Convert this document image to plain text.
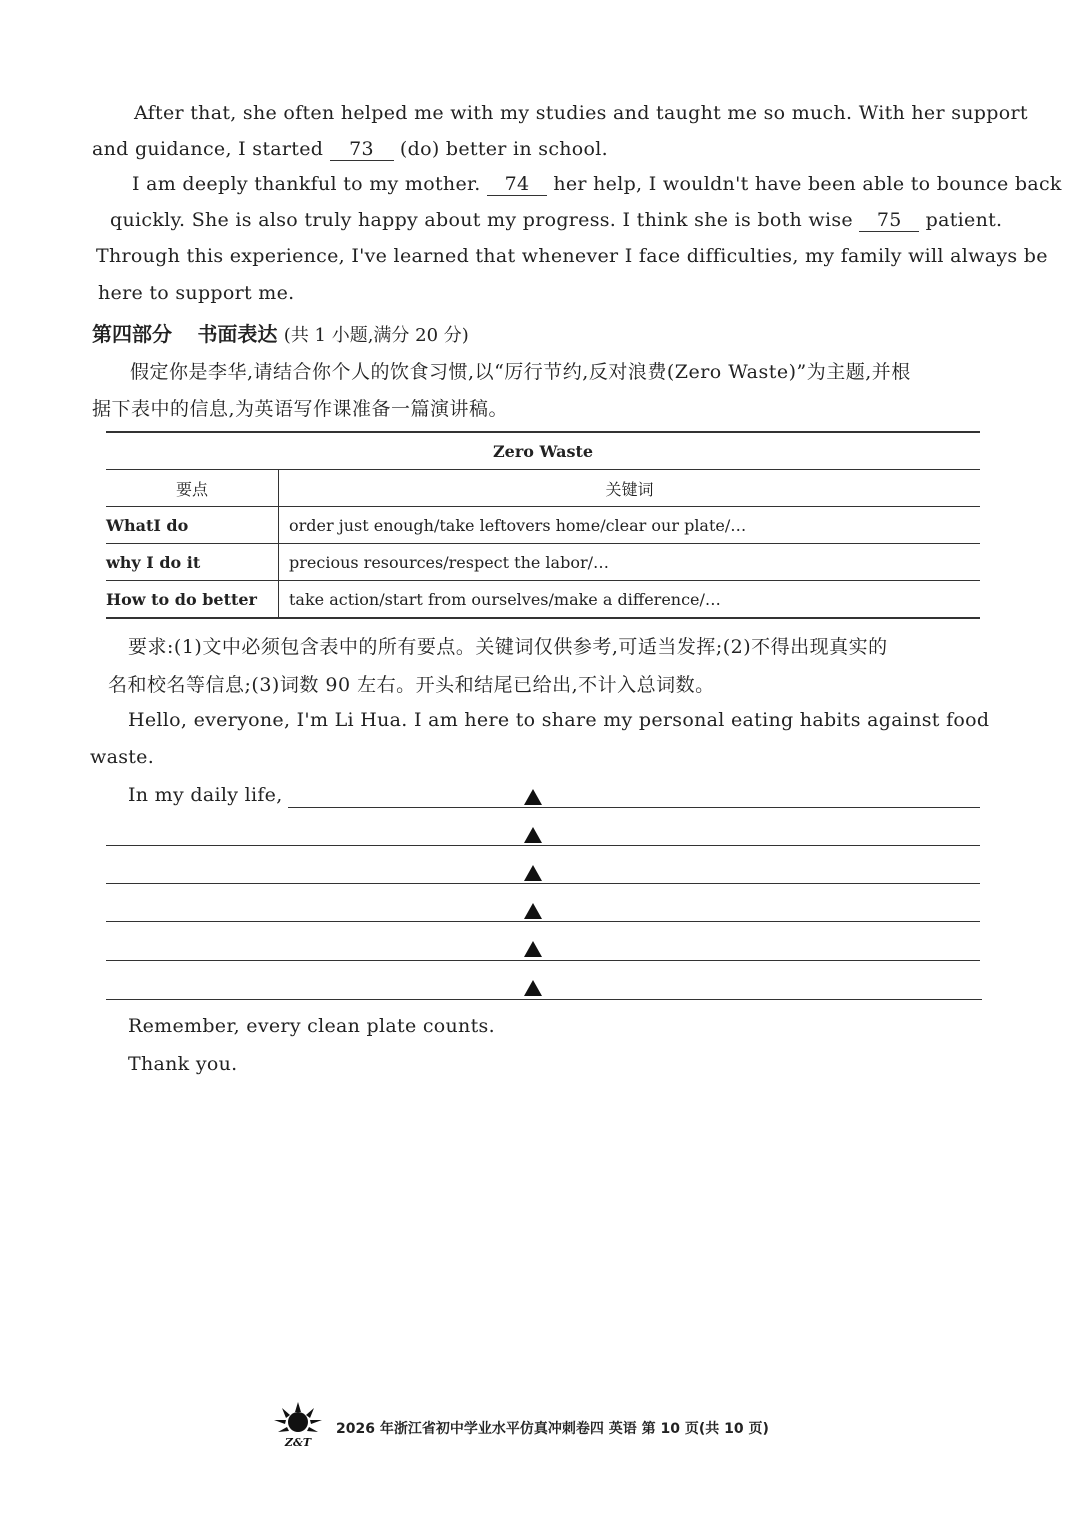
After that, she often helped me with my studies and taught me so much. With her support
and guidance, I started 73 (do) better in school.
I am deeply thankful to my mother. 74 her help, I wouldn't have been able to bounce back
quickly. She is also truly happy about my progress. I think she is both wise 75 patient.
Through this experience, I've learned that whenever I face difficulties, my family will always be
here to support me.
第四部分 书面表达 (共 1 小题,满分 20 分)
假定你是李华,请结合你个人的饮食习惯,以“厉行节约,反对浪费(Zero Waste)”为主题,并根
据下表中的信息,为英语写作课准备一篇演讲稿。
Zero Waste	
要点	关键词
WhatI do	order just enough/take leftovers home/clear our plate/…
why I do it	precious resources/respect the labor/…
How to do better	take action/start from ourselves/make a difference/…
要求:(1)文中必须包含表中的所有要点。关键词仅供参考,可适当发挥;(2)不得出现真实的
名和校名等信息;(3)词数 90 左右。开头和结尾已给出,不计入总词数。
Hello, everyone, I'm Li Hua. I am here to share my personal eating habits against food
waste.
In my daily life,
Remember, every clean plate counts.
Thank you.
Z&T
2026 年浙江省初中学业水平仿真冲刺卷四 英语 第 10 页(共 10 页)
